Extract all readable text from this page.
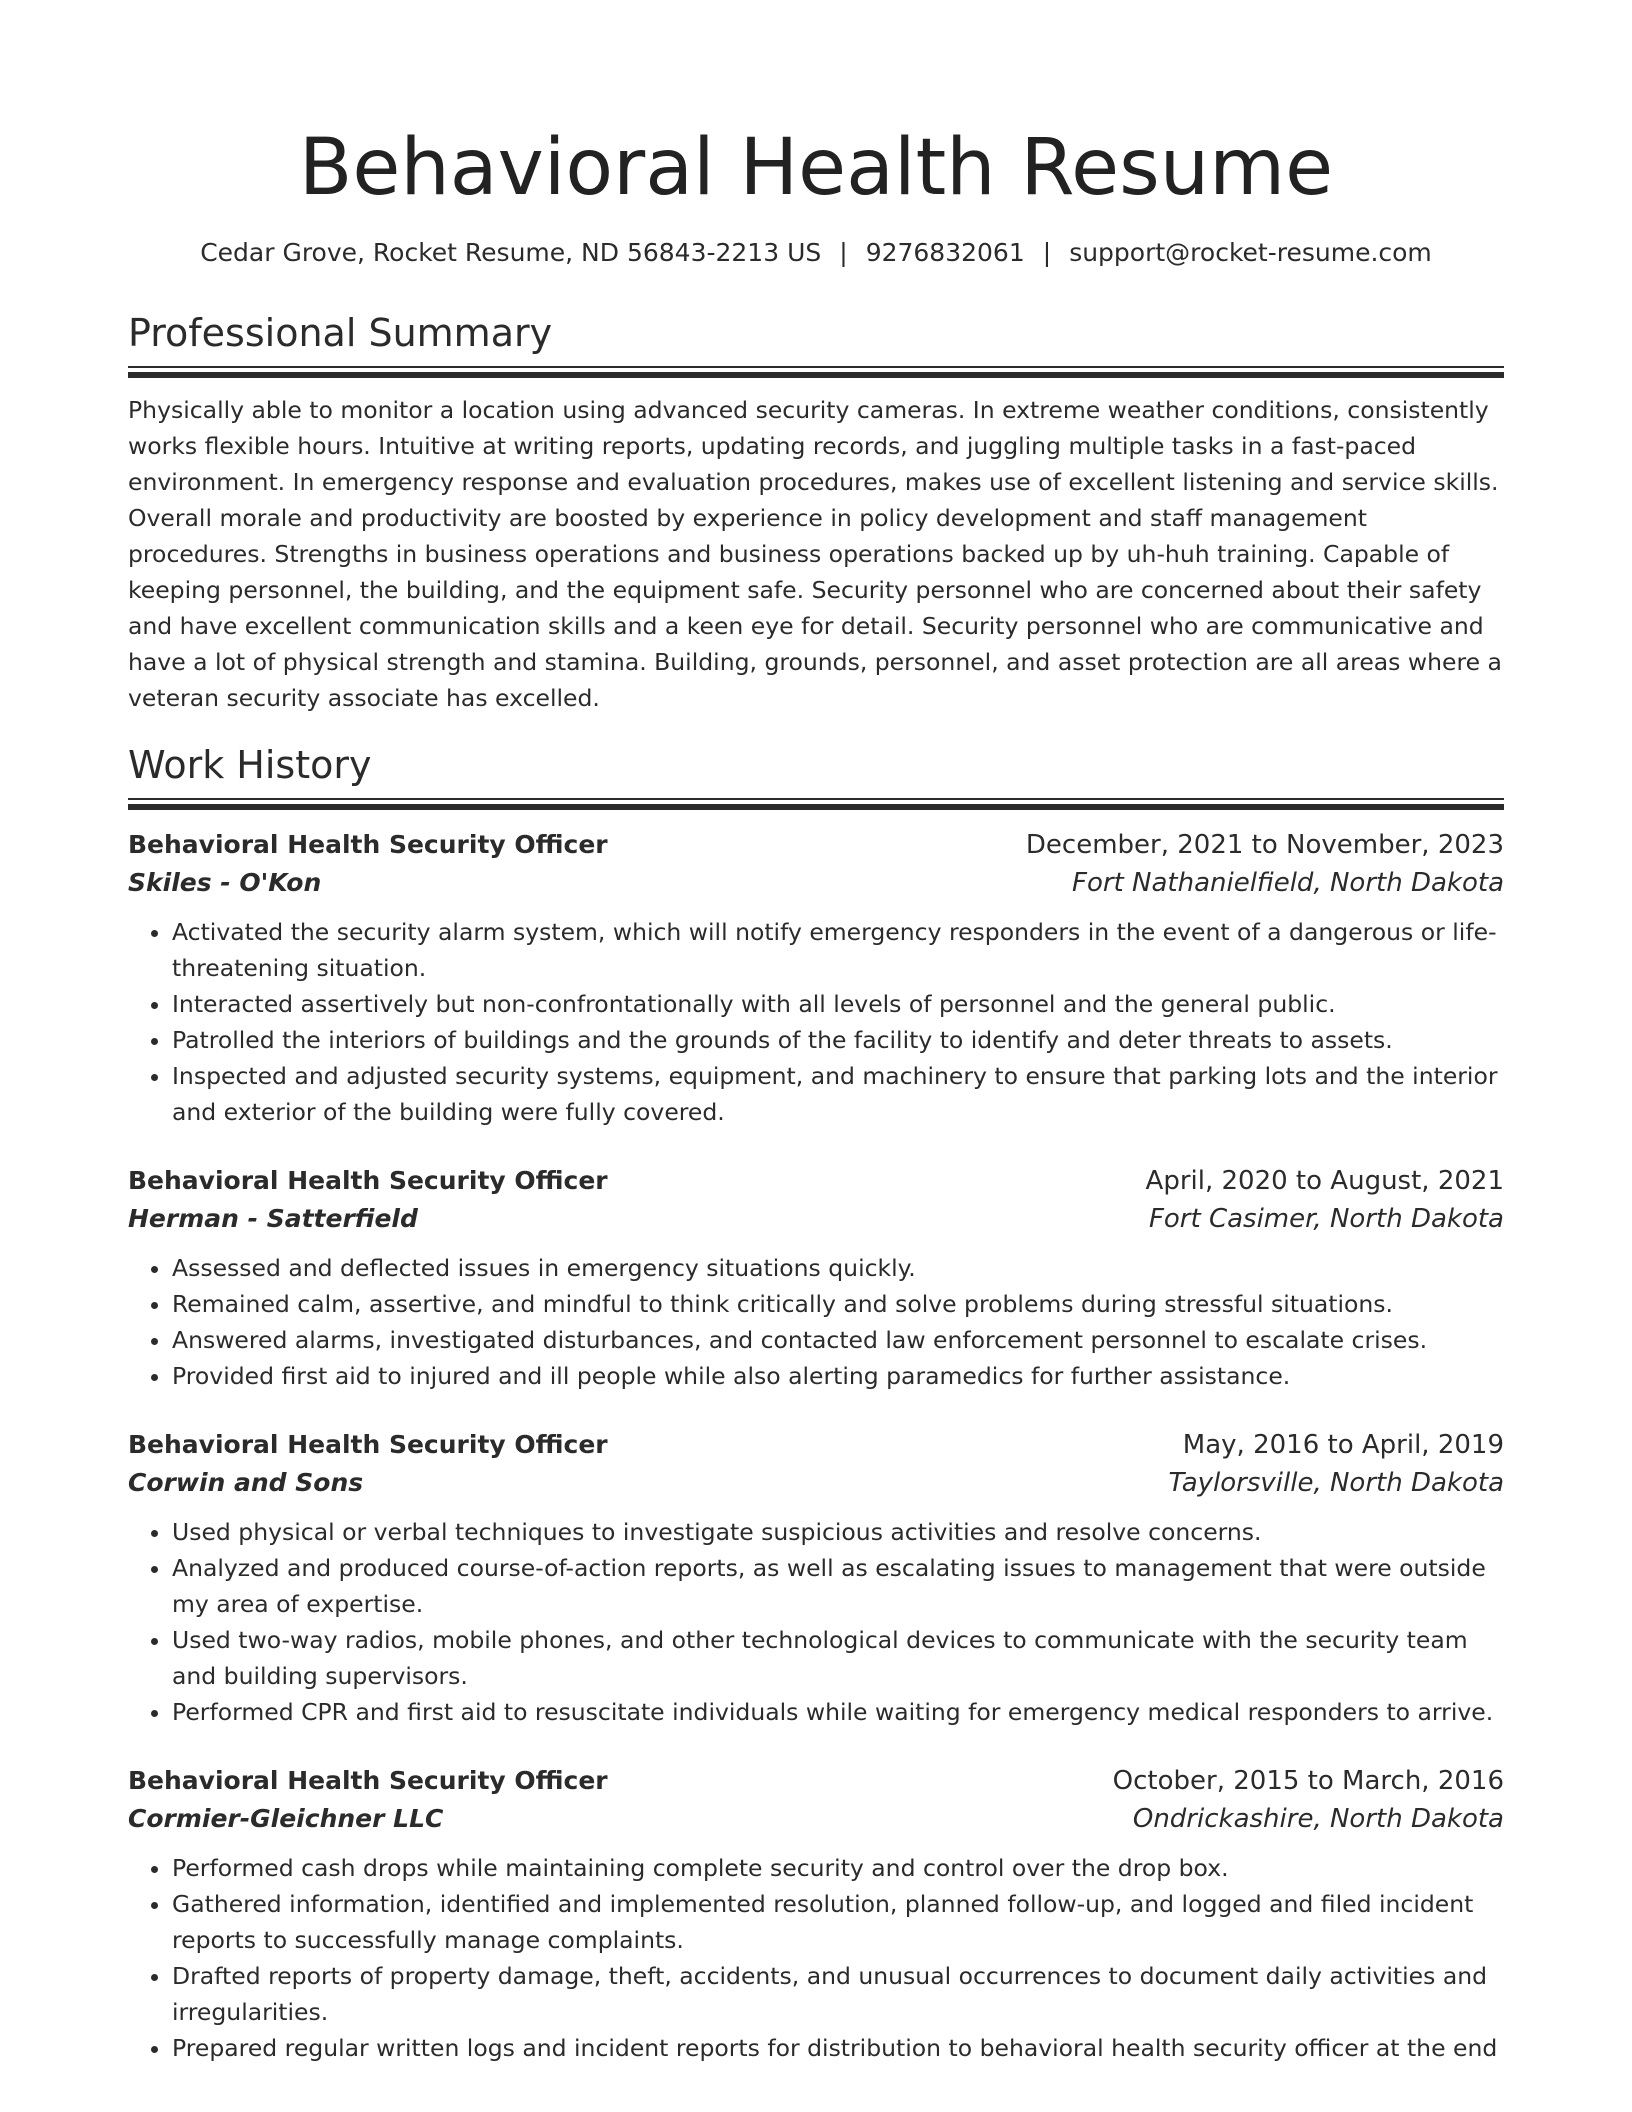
Behavioral Health Resume
Cedar Grove, Rocket Resume, ND 56843-2213 US | 9276832061 | support@rocket-resume.com
Professional Summary

Physically able to monitor a location using advanced security cameras. In extreme weather conditions, consistently works flexible hours. Intuitive at writing reports, updating records, and juggling multiple tasks in a fast-paced environment. In emergency response and evaluation procedures, makes use of excellent listening and service skills. Overall morale and productivity are boosted by experience in policy development and staff management procedures. Strengths in business operations and business operations backed up by uh-huh training. Capable of keeping personnel, the building, and the equipment safe. Security personnel who are concerned about their safety and have excellent communication skills and a keen eye for detail. Security personnel who are communicative and have a lot of physical strength and stamina. Building, grounds, personnel, and asset protection are all areas where a veteran security associate has excelled.

Work History
Behavioral Health Security Officer	December, 2021 to November, 2023
Skiles - O'Kon	Fort Nathanielfield, North Dakota
• Activated the security alarm system, which will notify emergency responders in the event of a dangerous or life-threatening situation.
• Interacted assertively but non-confrontationally with all levels of personnel and the general public.
• Patrolled the interiors of buildings and the grounds of the facility to identify and deter threats to assets.
• Inspected and adjusted security systems, equipment, and machinery to ensure that parking lots and the interior and exterior of the building were fully covered.
Behavioral Health Security Officer	April, 2020 to August, 2021
Herman - Satterfield	Fort Casimer, North Dakota
• Assessed and deflected issues in emergency situations quickly.
• Remained calm, assertive, and mindful to think critically and solve problems during stressful situations.
• Answered alarms, investigated disturbances, and contacted law enforcement personnel to escalate crises.
• Provided first aid to injured and ill people while also alerting paramedics for further assistance.
Behavioral Health Security Officer	May, 2016 to April, 2019
Corwin and Sons	Taylorsville, North Dakota
• Used physical or verbal techniques to investigate suspicious activities and resolve concerns.
• Analyzed and produced course-of-action reports, as well as escalating issues to management that were outside my area of expertise.
• Used two-way radios, mobile phones, and other technological devices to communicate with the security team and building supervisors.
• Performed CPR and first aid to resuscitate individuals while waiting for emergency medical responders to arrive.
Behavioral Health Security Officer	October, 2015 to March, 2016
Cormier-Gleichner LLC	Ondrickashire, North Dakota
• Performed cash drops while maintaining complete security and control over the drop box.
• Gathered information, identified and implemented resolution, planned follow-up, and logged and filed incident reports to successfully manage complaints.
• Drafted reports of property damage, theft, accidents, and unusual occurrences to document daily activities and irregularities.
• Prepared regular written logs and incident reports for distribution to behavioral health security officer at the end
